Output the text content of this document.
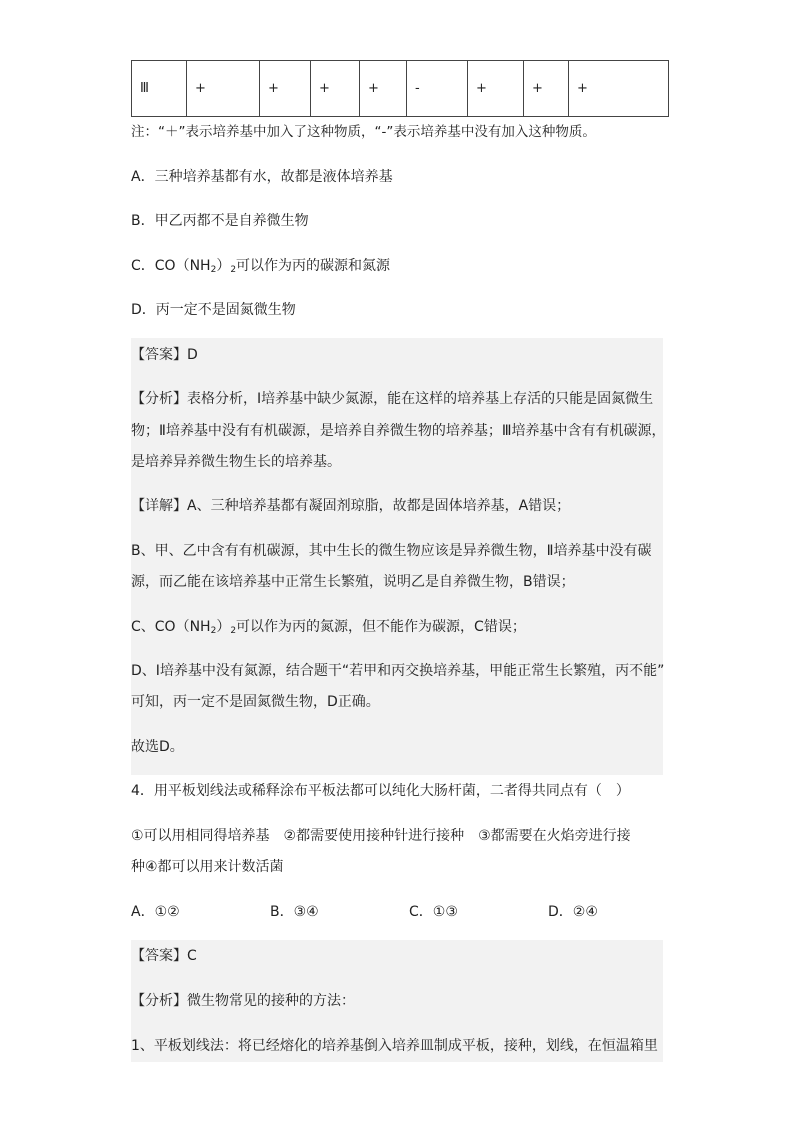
Ⅲ	+	+	+	+	-	+	+	+
注：“＋”表示培养基中加入了这种物质，“-”表示培养基中没有加入这种物质。
A．三种培养基都有水，故都是液体培养基
B．甲乙丙都不是自养微生物
C．$CO(NH_2)_2$可以作为丙的碳源和氮源
D．丙一定不是固氮微生物
【答案】D
【分析】表格分析，I培养基中缺少氮源，能在这样的培养基上存活的只能是固氮微生
物；Ⅱ培养基中没有有机碳源，是培养自养微生物的培养基；Ⅲ培养基中含有有机碳源，
是培养异养微生物生长的培养基。
【详解】A、三种培养基都有凝固剂琼脂，故都是固体培养基，A错误；
B、甲、乙中含有有机碳源，其中生长的微生物应该是异养微生物，Ⅱ培养基中没有碳
源，而乙能在该培养基中正常生长繁殖，说明乙是自养微生物，B错误；
C、$CO(NH_2)_2$可以作为丙的氮源，但不能作为碳源，C错误；
D、I培养基中没有氮源，结合题干“若甲和丙交换培养基，甲能正常生长繁殖，丙不能”
可知，丙一定不是固氮微生物，D正确。
故选D。
4．用平板划线法或稀释涂布平板法都可以纯化大肠杆菌，二者得共同点有（　）
①可以用相同得培养基　②都需要使用接种针进行接种　③都需要在火焰旁进行接
种④都可以用来计数活菌
A．①②	B．③④	C．①③	D．②④
【答案】C
【分析】微生物常见的接种的方法：
1、平板划线法：将已经熔化的培养基倒入培养皿制成平板，接种，划线，在恒温箱里
